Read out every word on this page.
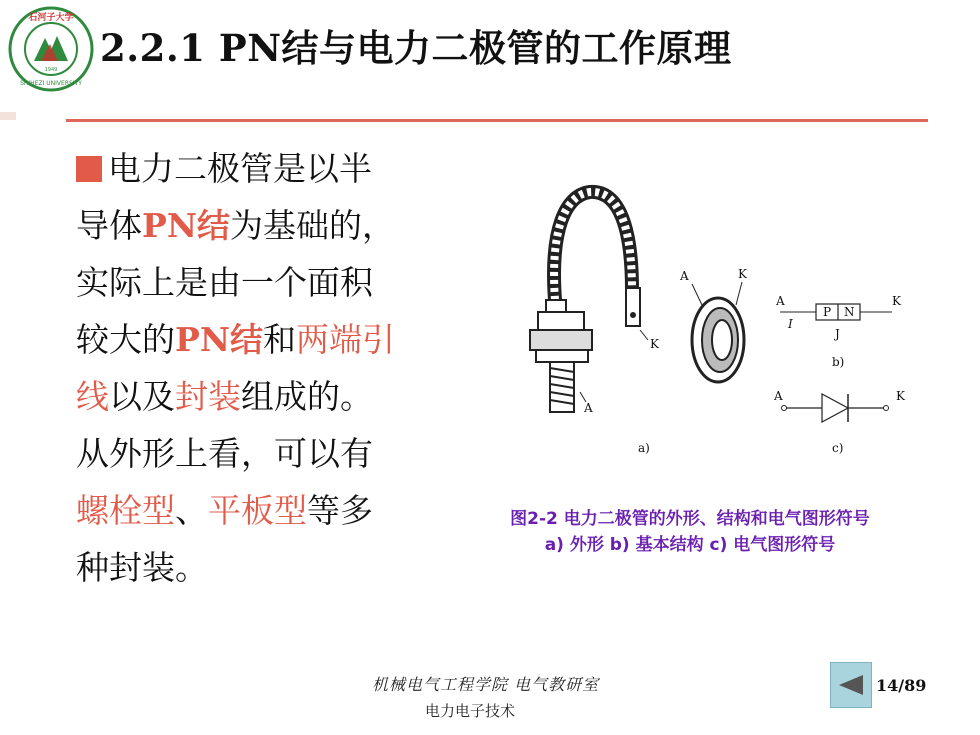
石河子大学
SHIHEZI UNIVERSITY
1949 2.2.1 PN结与电力二极管的工作原理
电力二极管是以半
导体PN结为基础的，
实际上是由一个面积
较大的PN结和两端引
线以及封装组成的。
从外形上看，可以有
螺栓型、平板型等多
种封装。
A
K
A	K
a)
A	K
P N
I
J
b)
A	K
c)
图2-2 电力二极管的外形、结构和电气图形符号
a) 外形 b) 基本结构 c) 电气图形符号
机械电气工程学院 电气教研室
电力电子技术
14/89
